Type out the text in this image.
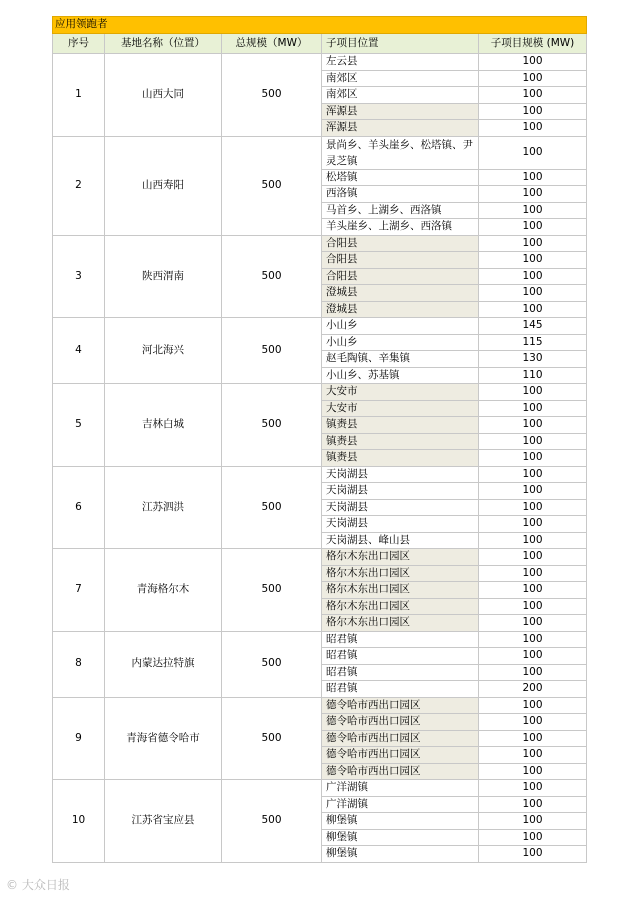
应用领跑者				
序号	基地名称（位置）	总规模（MW）	子项目位置	子项目规模 (MW)
1	山西大同	500	左云县	100
			南郊区	100
			南郊区	100
			浑源县	100
			浑源县	100
2	山西寿阳	500	景尚乡、羊头崖乡、松塔镇、尹灵芝镇	100
			松塔镇	100
			西洛镇	100
			马首乡、上湖乡、西洛镇	100
			羊头崖乡、上湖乡、西洛镇	100
3	陕西渭南	500	合阳县	100
			合阳县	100
			合阳县	100
			澄城县	100
			澄城县	100
4	河北海兴	500	小山乡	145
			小山乡	115
			赵毛陶镇、辛集镇	130
			小山乡、苏基镇	110
5	吉林白城	500	大安市	100
			大安市	100
			镇赉县	100
			镇赉县	100
			镇赉县	100
6	江苏泗洪	500	天岗湖县	100
			天岗湖县	100
			天岗湖县	100
			天岗湖县	100
			天岗湖县、峰山县	100
7	青海格尔木	500	格尔木东出口园区	100
			格尔木东出口园区	100
			格尔木东出口园区	100
			格尔木东出口园区	100
			格尔木东出口园区	100
8	内蒙达拉特旗	500	昭君镇	100
			昭君镇	100
			昭君镇	100
			昭君镇	200
9	青海省德令哈市	500	德令哈市西出口园区	100
			德令哈市西出口园区	100
			德令哈市西出口园区	100
			德令哈市西出口园区	100
			德令哈市西出口园区	100
10	江苏省宝应县	500	广洋湖镇	100
			广洋湖镇	100
			柳堡镇	100
			柳堡镇	100
			柳堡镇	100
© 大众日报
